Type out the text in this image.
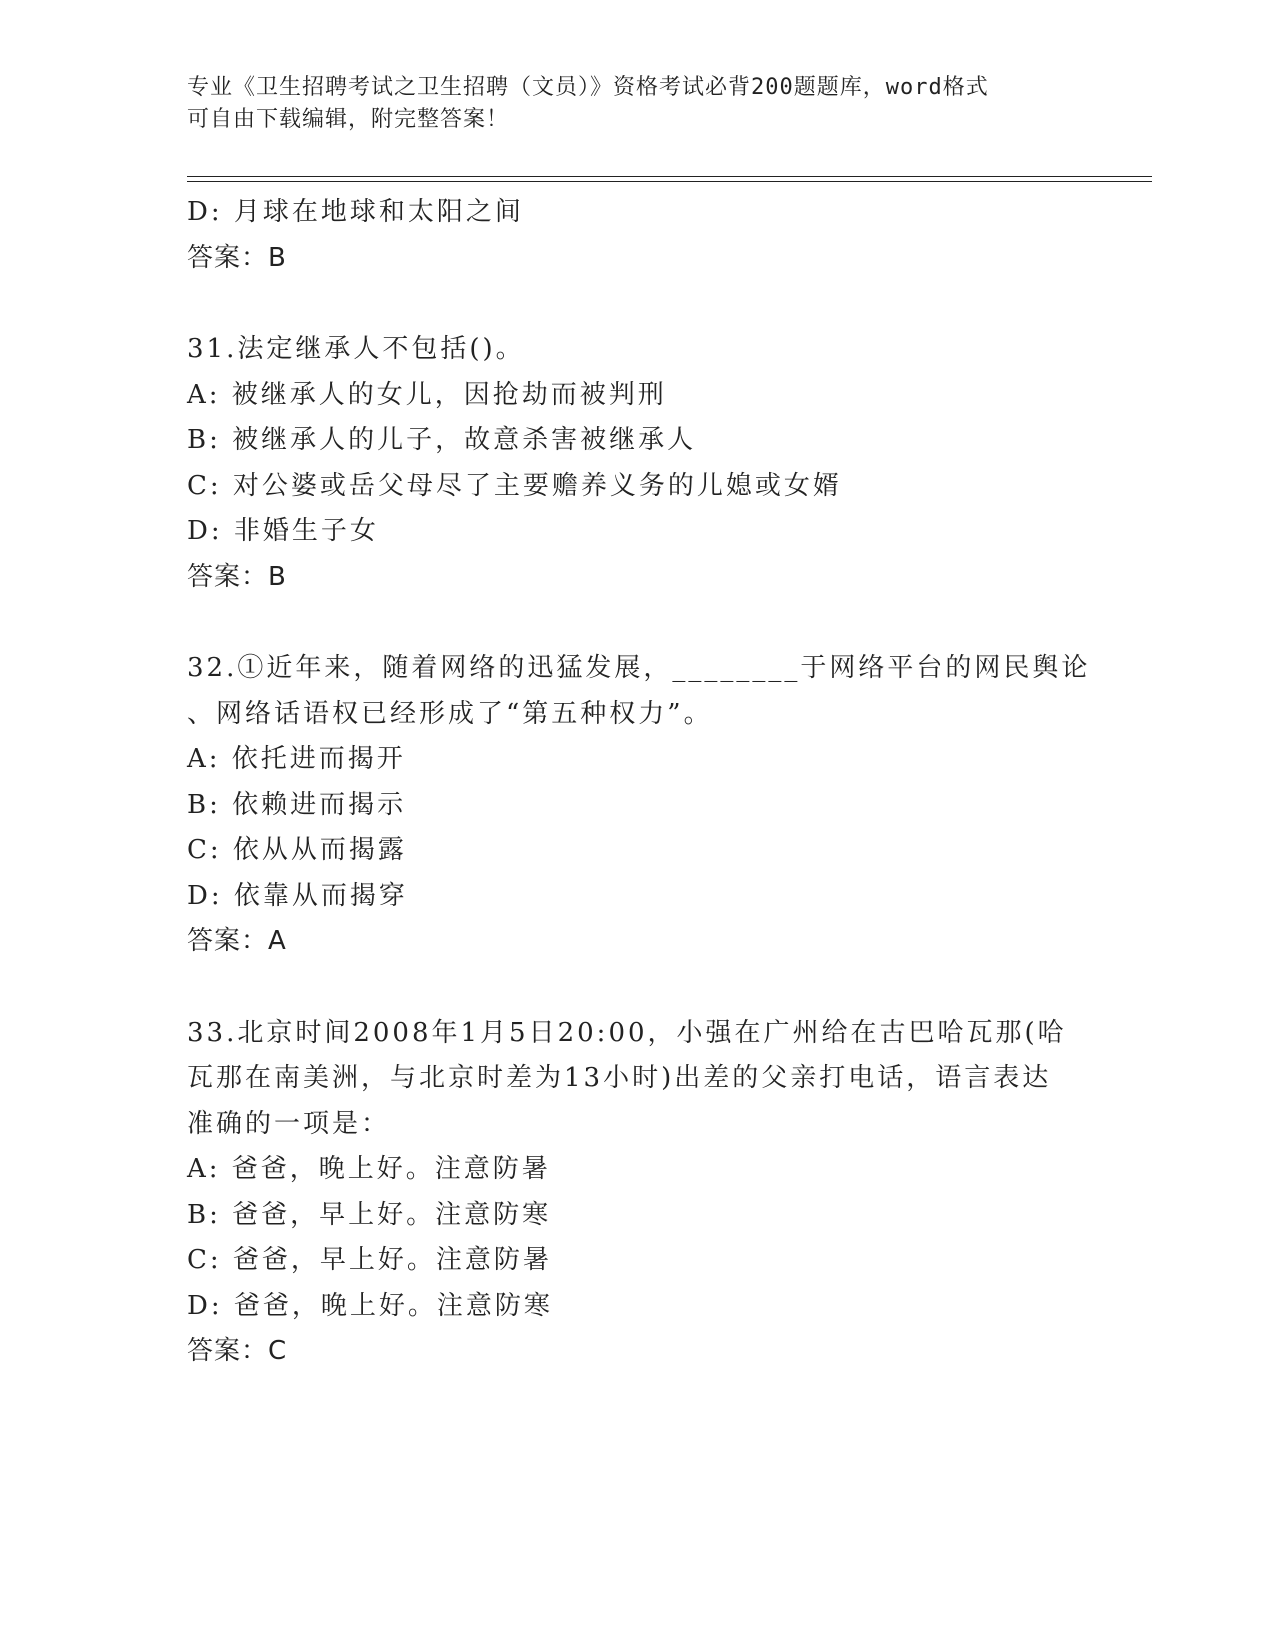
专业《卫生招聘考试之卫生招聘（文员）》资格考试必背200题题库，word格式
可自由下载编辑，附完整答案！
D: 月球在地球和太阳之间
答案：B
31.法定继承人不包括()。
A: 被继承人的女儿，因抢劫而被判刑
B: 被继承人的儿子，故意杀害被继承人
C: 对公婆或岳父母尽了主要赡养义务的儿媳或女婿
D: 非婚生子女
答案：B
32.①近年来，随着网络的迅猛发展，________于网络平台的网民舆论
、网络话语权已经形成了“第五种权力”。
A: 依托进而揭开
B: 依赖进而揭示
C: 依从从而揭露
D: 依靠从而揭穿
答案：A
33.北京时间2008年1月5日20:00，小强在广州给在古巴哈瓦那(哈
瓦那在南美洲，与北京时差为13小时)出差的父亲打电话，语言表达
准确的一项是：
A: 爸爸，晚上好。注意防暑
B: 爸爸，早上好。注意防寒
C: 爸爸，早上好。注意防暑
D: 爸爸，晚上好。注意防寒
答案：C
